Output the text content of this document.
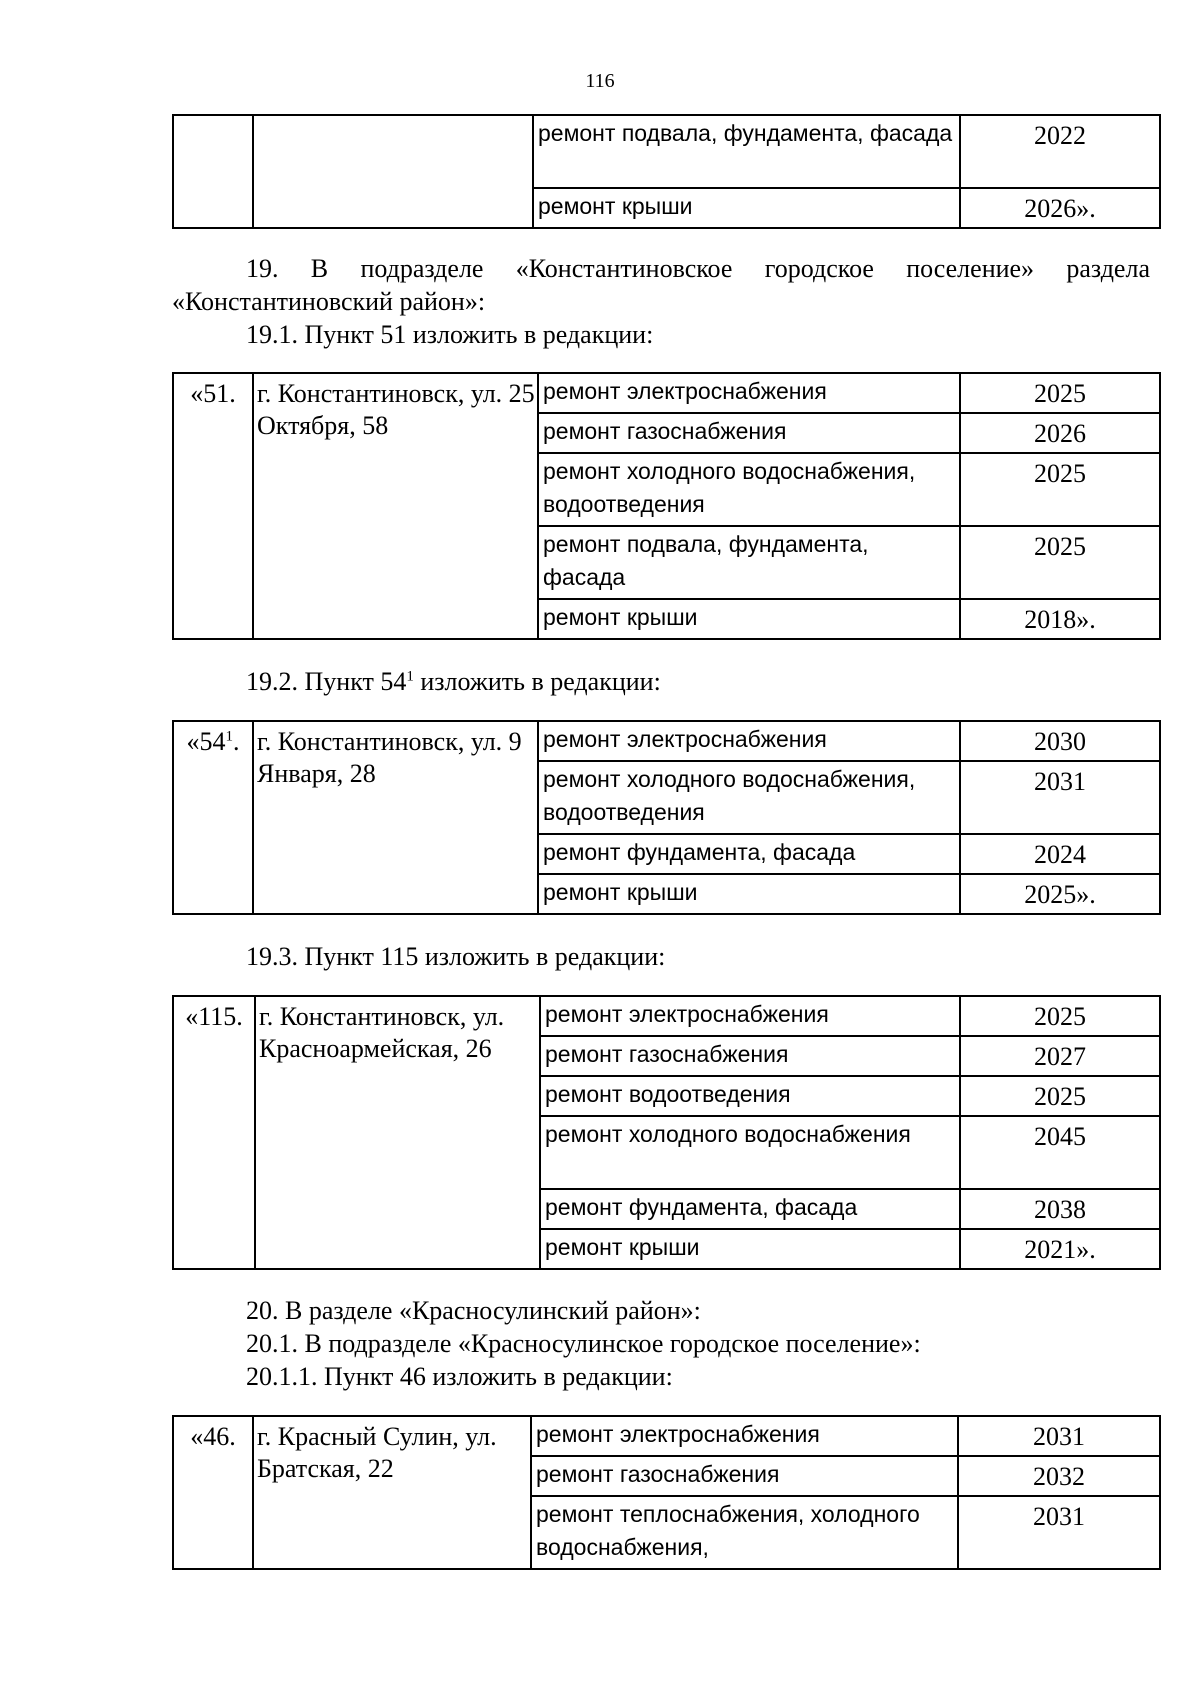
116
		ремонт подвала, фундамента, фасада	2022
		ремонт крыши	2026».

19. В подразделе «Константиновское городское поселение» раздела «Константиновский район»:

19.1. Пункт 51 изложить в редакции:

«51.	г. Константиновск, ул. 25 Октября, 58	ремонт электроснабжения	2025
		ремонт газоснабжения	2026
		ремонт холодного водоснабжения, водоотведения	2025
		ремонт подвала, фундамента, фасада	2025
		ремонт крыши	2018».

19.2. Пункт $54^1$ изложить в редакции:

«$54^1$.	г. Константиновск, ул. 9 Января, 28	ремонт электроснабжения	2030
		ремонт холодного водоснабжения, водоотведения	2031
		ремонт фундамента, фасада	2024
		ремонт крыши	2025».

19.3. Пункт 115 изложить в редакции:

«115.	г. Константиновск, ул. Красноармейская, 26	ремонт электроснабжения	2025
		ремонт газоснабжения	2027
		ремонт водоотведения	2025
		ремонт холодного водоснабжения	2045
		ремонт фундамента, фасада	2038
		ремонт крыши	2021».

20. В разделе «Красносулинский район»:

20.1. В подразделе «Красносулинское городское поселение»:

20.1.1. Пункт 46 изложить в редакции:

«46.	г. Красный Сулин, ул. Братская, 22	ремонт электроснабжения	2031
		ремонт газоснабжения	2032
		ремонт теплоснабжения, холодного водоснабжения,	2031
